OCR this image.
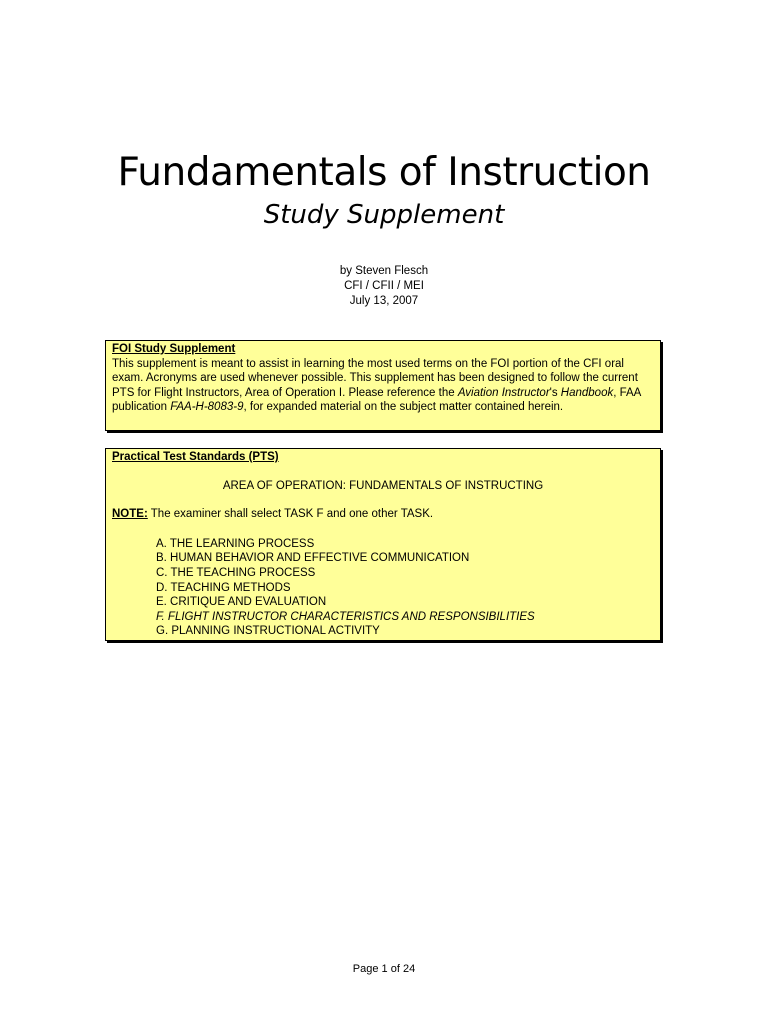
Fundamentals of Instruction
Study Supplement
by Steven Flesch
CFI / CFII / MEI
July 13, 2007
FOI Study Supplement
This supplement is meant to assist in learning the most used terms on the FOI portion of the CFI oral exam. Acronyms are used whenever possible. This supplement has been designed to follow the current PTS for Flight Instructors, Area of Operation I. Please reference the Aviation Instructor's Handbook, FAA publication FAA-H-8083-9, for expanded material on the subject matter contained herein.
Practical Test Standards (PTS)
AREA OF OPERATION: FUNDAMENTALS OF INSTRUCTING
NOTE: The examiner shall select TASK F and one other TASK.
A. THE LEARNING PROCESS
B. HUMAN BEHAVIOR AND EFFECTIVE COMMUNICATION
C. THE TEACHING PROCESS
D. TEACHING METHODS
E. CRITIQUE AND EVALUATION
F. FLIGHT INSTRUCTOR CHARACTERISTICS AND RESPONSIBILITIES
G. PLANNING INSTRUCTIONAL ACTIVITY
Page 1 of 24
